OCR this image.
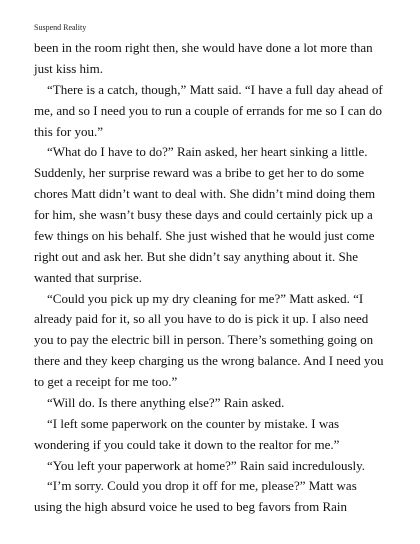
Suspend Reality
been in the room right then, she would have done a lot more than
just kiss him.
“There is a catch, though,” Matt said. “I have a full day ahead of
me, and so I need you to run a couple of errands for me so I can do
this for you.”
“What do I have to do?” Rain asked, her heart sinking a little.
Suddenly, her surprise reward was a bribe to get her to do some
chores Matt didn’t want to deal with. She didn’t mind doing them
for him, she wasn’t busy these days and could certainly pick up a
few things on his behalf. She just wished that he would just come
right out and ask her. But she didn’t say anything about it. She
wanted that surprise.
“Could you pick up my dry cleaning for me?” Matt asked. “I
already paid for it, so all you have to do is pick it up. I also need
you to pay the electric bill in person. There’s something going on
there and they keep charging us the wrong balance. And I need you
to get a receipt for me too.”
“Will do. Is there anything else?” Rain asked.
“I left some paperwork on the counter by mistake. I was
wondering if you could take it down to the realtor for me.”
“You left your paperwork at home?” Rain said incredulously.
“I’m sorry. Could you drop it off for me, please?” Matt was
using the high absurd voice he used to beg favors from Rain
